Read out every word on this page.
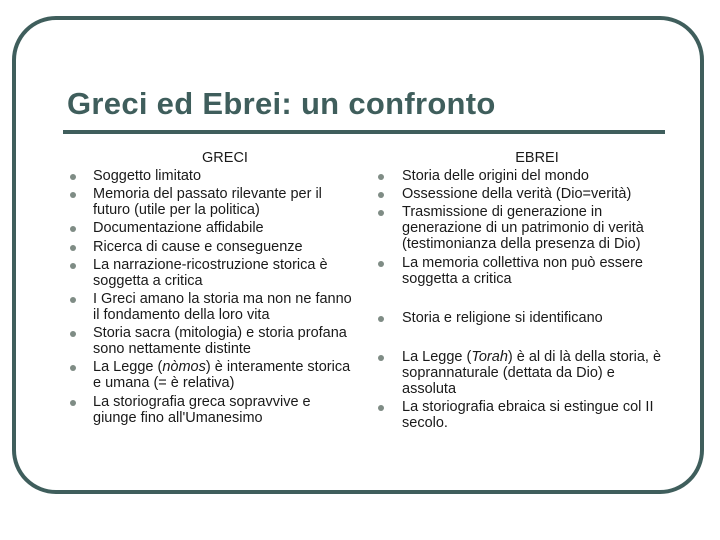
Greci ed Ebrei: un confronto
GRECI
Soggetto limitato
Memoria del passato rilevante per il futuro (utile per la politica)
Documentazione affidabile
Ricerca di cause e conseguenze
La narrazione-ricostruzione storica è soggetta a critica
I Greci amano la storia ma non ne fanno il fondamento della loro vita
Storia sacra (mitologia) e storia profana sono nettamente distinte
La Legge (nòmos) è interamente storica e umana (= è relativa)
La storiografia greca sopravvive e giunge fino all'Umanesimo
EBREI
Storia delle origini del mondo
Ossessione della verità (Dio=verità)
Trasmissione di generazione in generazione di un patrimonio di verità (testimonianza della presenza di Dio)
La memoria collettiva non può essere soggetta a critica
Storia e religione si identificano
La Legge (Torah) è al di là della storia, è soprannaturale (dettata da Dio) e assoluta
La storiografia ebraica si estingue col II secolo.
